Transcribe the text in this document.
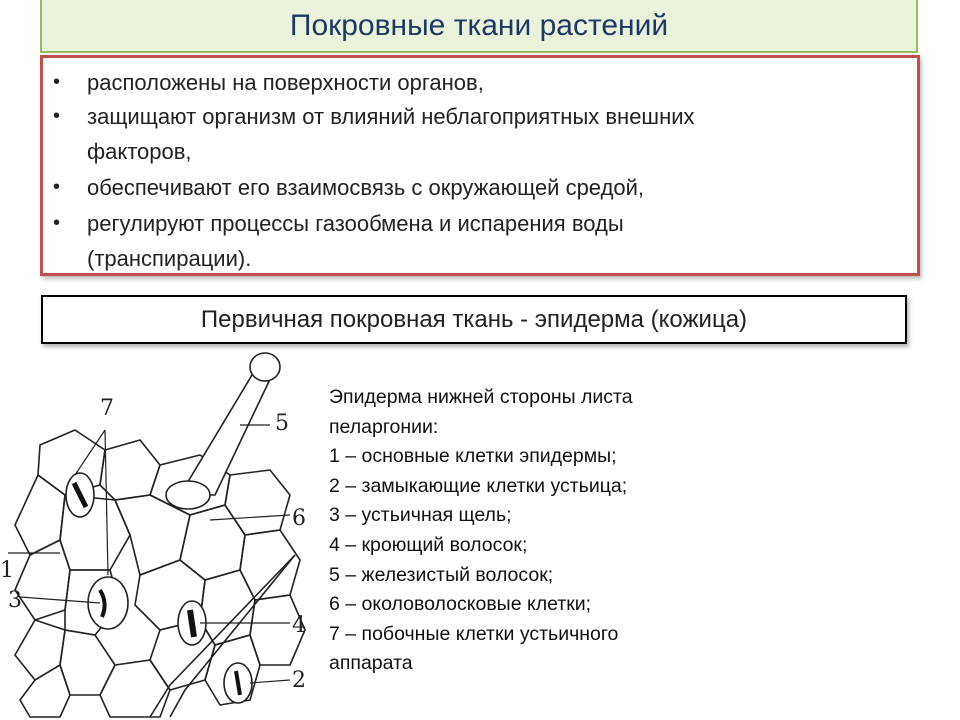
Покровные ткани растений
• расположены на поверхности органов,
• защищают организм от влияний неблагоприятных внешних
факторов,
• обеспечивают его взаимосвязь с окружающей средой,
• регулируют процессы газообмена и испарения воды
(транспирации).
Первичная покровная ткань - эпидерма (кожица)
7
5
6
1
3
4
2
Эпидерма нижней стороны листа
пеларгонии:
1 – основные клетки эпидермы;
2 – замыкающие клетки устьица;
3 – устьичная щель;
4 – кроющий волосок;
5 – железистый волосок;
6 – околоволосковые клетки;
7 – побочные клетки устьичного
аппарата
